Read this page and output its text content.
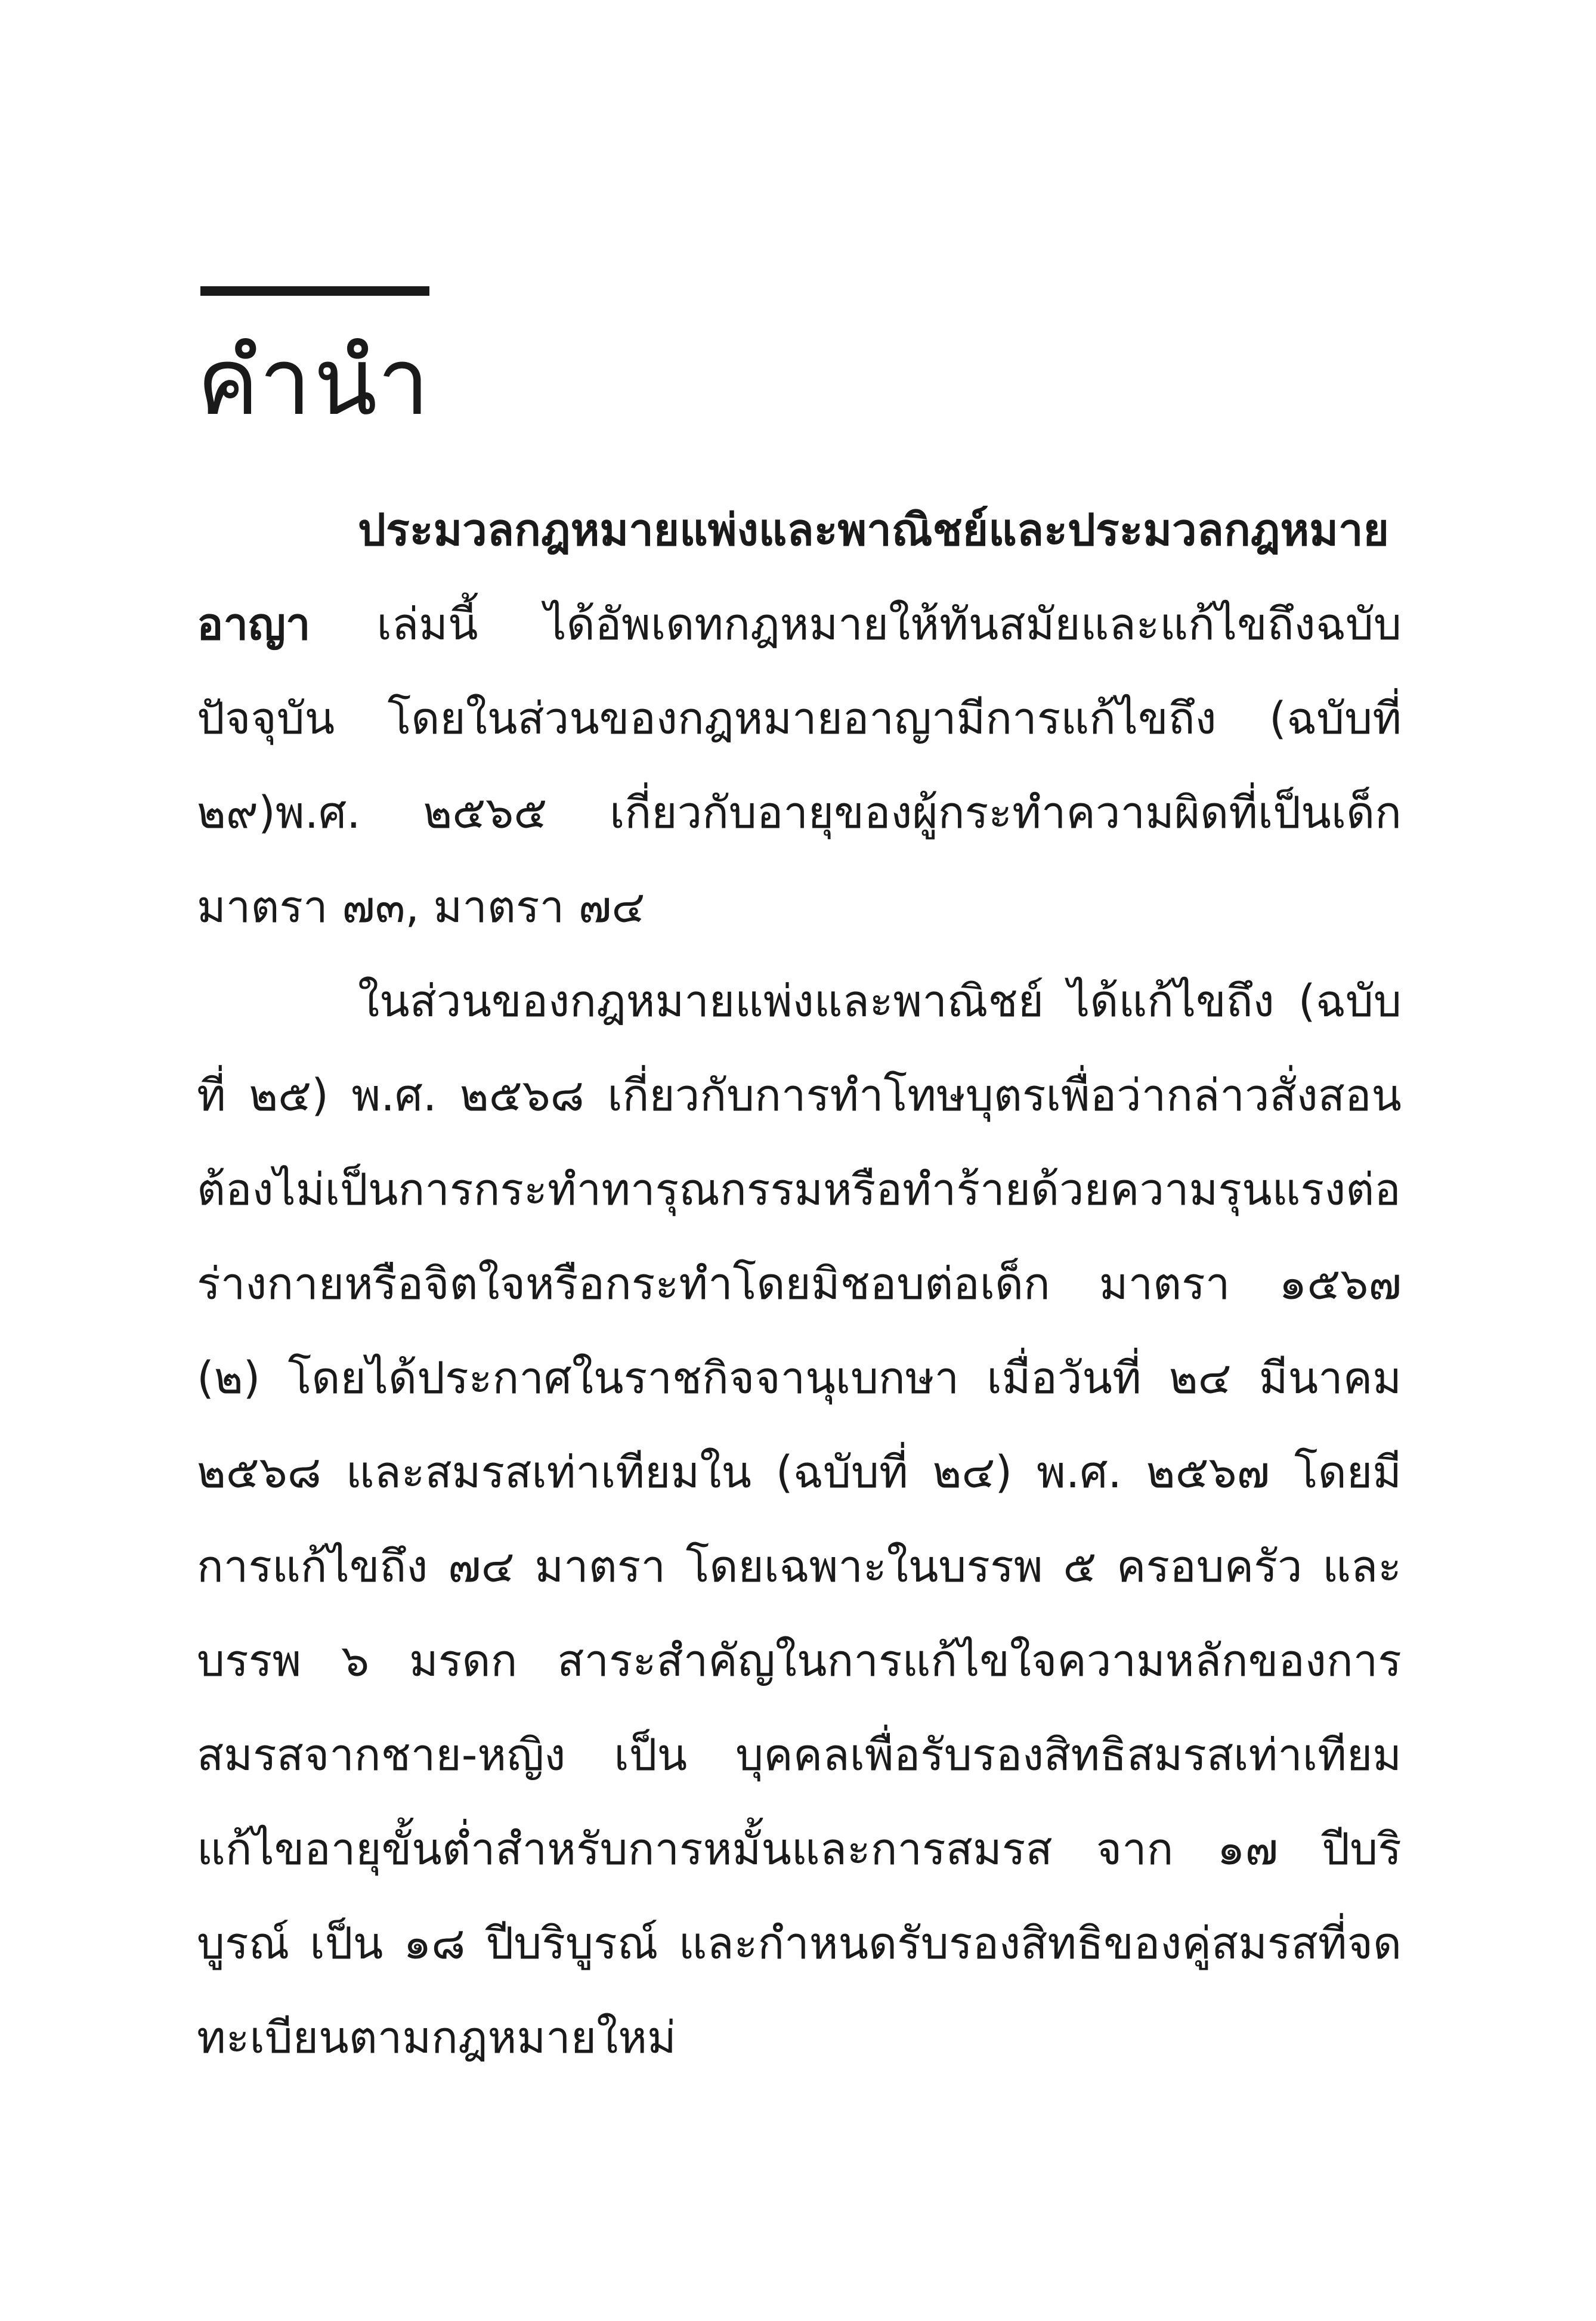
คำนำ

ประมวลกฎหมายแพ่งและพาณิชย์และประมวลกฎหมายอาญา เล่มนี้ ได้อัพเดทกฎหมายให้ทันสมัยและแก้ไขถึงฉบับปัจจุบัน โดยในส่วนของกฎหมายอาญามีการแก้ไขถึง (ฉบับที่ ๒๙)พ.ศ. ๒๕๖๕ เกี่ยวกับอายุของผู้กระทำความผิดที่เป็นเด็ก มาตรา ๗๓, มาตรา ๗๔

ในส่วนของกฎหมายแพ่งและพาณิชย์ ได้แก้ไขถึง (ฉบับที่ ๒๕) พ.ศ. ๒๕๖๘ เกี่ยวกับการทำโทษบุตรเพื่อว่ากล่าวสั่งสอนต้องไม่เป็นการกระทำทารุณกรรมหรือทำร้ายด้วยความรุนแรงต่อร่างกายหรือจิตใจหรือกระทำโดยมิชอบต่อเด็ก มาตรา ๑๕๖๗ (๒) โดยได้ประกาศในราชกิจจานุเบกษา เมื่อวันที่ ๒๔ มีนาคม ๒๕๖๘ และสมรสเท่าเทียมใน (ฉบับที่ ๒๔) พ.ศ. ๒๕๖๗ โดยมีการแก้ไขถึง ๗๔ มาตรา โดยเฉพาะในบรรพ ๕ ครอบครัว และบรรพ ๖ มรดก สาระสำคัญในการแก้ไขใจความหลักของการสมรสจากชาย-หญิง เป็น บุคคลเพื่อรับรองสิทธิสมรสเท่าเทียม แก้ไขอายุขั้นต่ำสำหรับการหมั้นและการสมรส จาก ๑๗ ปีบริบูรณ์ เป็น ๑๘ ปีบริบูรณ์ และกำหนดรับรองสิทธิของคู่สมรสที่จดทะเบียนตามกฎหมายใหม่
